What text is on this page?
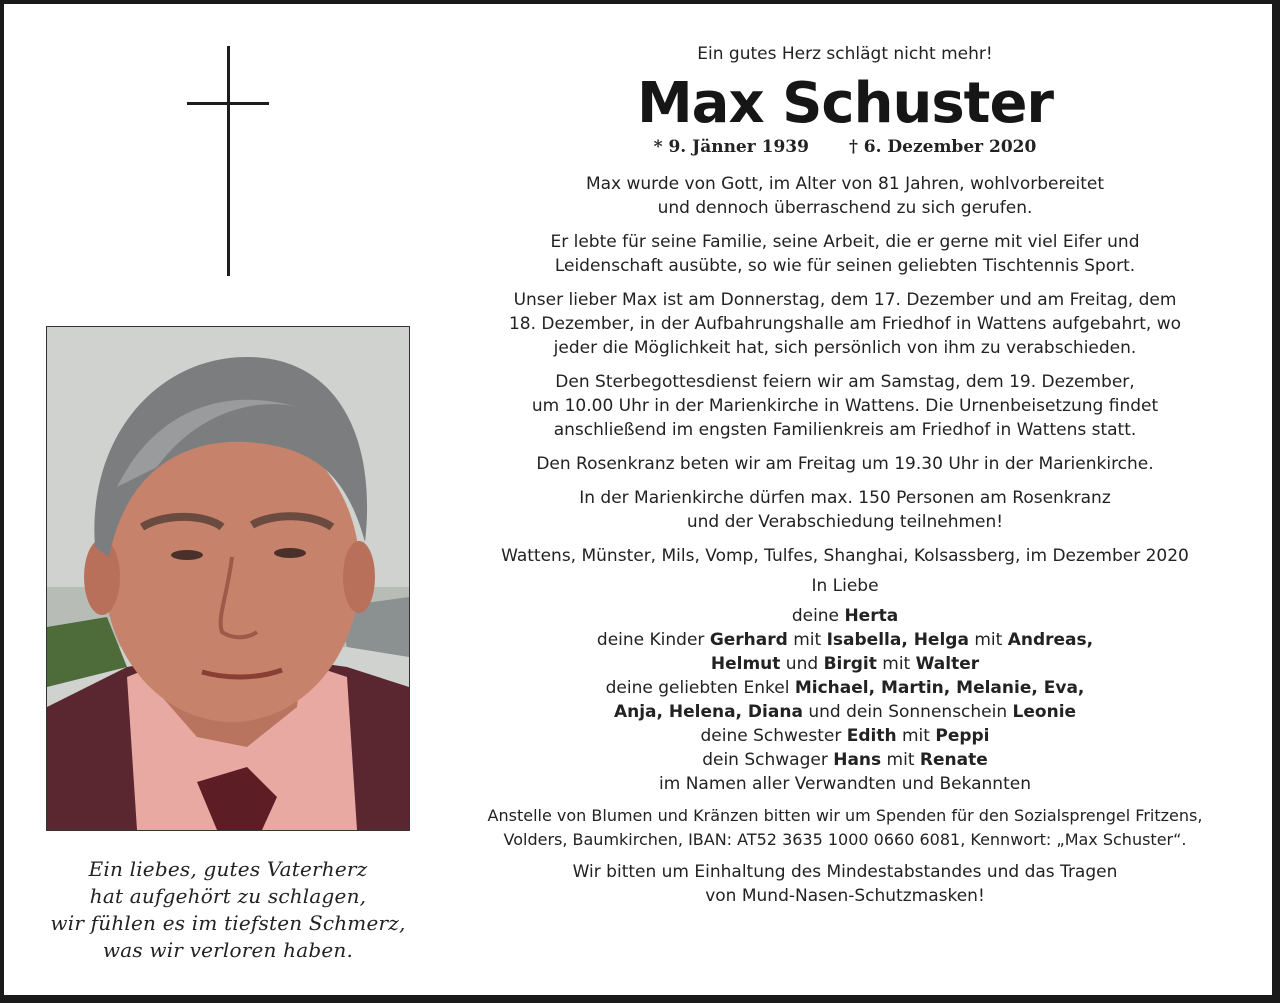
Ein liebes, gutes Vaterherz
hat aufgehört zu schlagen,
wir fühlen es im tiefsten Schmerz,
was wir verloren haben.

Ein gutes Herz schlägt nicht mehr!

Max Schuster

* 9. Jänner 1939 † 6. Dezember 2020

Max wurde von Gott, im Alter von 81 Jahren, wohlvorbereitet
und dennoch überraschend zu sich gerufen.

Er lebte für seine Familie, seine Arbeit, die er gerne mit viel Eifer und
Leidenschaft ausübte, so wie für seinen geliebten Tischtennis Sport.

Unser lieber Max ist am Donnerstag, dem 17. Dezember und am Freitag, dem
18. Dezember, in der Aufbahrungshalle am Friedhof in Wattens aufgebahrt, wo
jeder die Möglichkeit hat, sich persönlich von ihm zu verabschieden.

Den Sterbegottesdienst feiern wir am Samstag, dem 19. Dezember,
um 10.00 Uhr in der Marienkirche in Wattens. Die Urnenbeisetzung findet
anschließend im engsten Familienkreis am Friedhof in Wattens statt.

Den Rosenkranz beten wir am Freitag um 19.30 Uhr in der Marienkirche.

In der Marienkirche dürfen max. 150 Personen am Rosenkranz
und der Verabschiedung teilnehmen!

Wattens, Münster, Mils, Vomp, Tulfes, Shanghai, Kolsassberg, im Dezember 2020

In Liebe

deine Herta
deine Kinder Gerhard mit Isabella, Helga mit Andreas,
Helmut und Birgit mit Walter
deine geliebten Enkel Michael, Martin, Melanie, Eva,
Anja, Helena, Diana und dein Sonnenschein Leonie
deine Schwester Edith mit Peppi
dein Schwager Hans mit Renate
im Namen aller Verwandten und Bekannten

Anstelle von Blumen und Kränzen bitten wir um Spenden für den Sozialsprengel Fritzens,
Volders, Baumkirchen, IBAN: AT52 3635 1000 0660 6081, Kennwort: „Max Schuster“.

Wir bitten um Einhaltung des Mindestabstandes und das Tragen
von Mund-Nasen-Schutzmasken!
